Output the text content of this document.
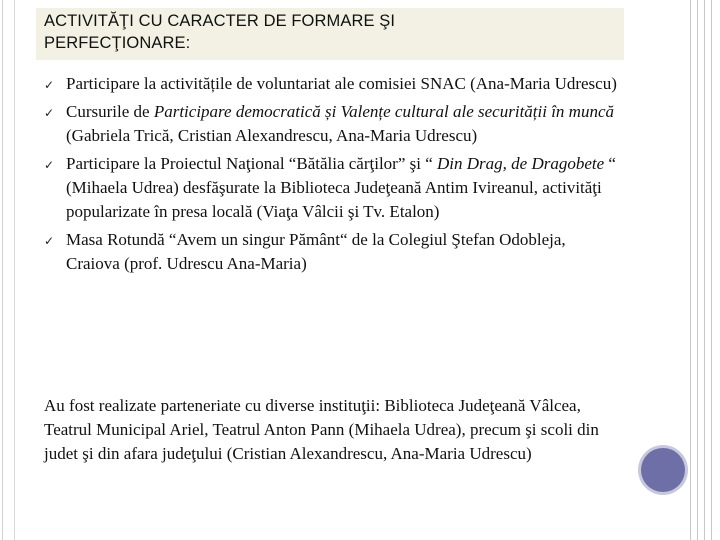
ACTIVITĂŢI CU CARACTER DE FORMARE ŞI
PERFECŢIONARE:
✓ Participare la activitățile de voluntariat ale comisiei SNAC (Ana-Maria Udrescu)
✓ Cursurile de Participare democratică și Valențe cultural ale securității în muncă (Gabriela Trică, Cristian Alexandrescu, Ana-Maria Udrescu)
✓ Participare la Proiectul Naţional “Bătălia cărţilor” şi “ Din Drag, de Dragobete “ (Mihaela Udrea) desfăşurate la Biblioteca Judeţeană Antim Ivireanul, activităţi popularizate în presa locală (Viaţa Vâlcii şi Tv. Etalon)
✓ Masa Rotundă “Avem un singur Pământ“ de la Colegiul Ştefan Odobleja, Craiova (prof. Udrescu Ana-Maria)

Au fost realizate parteneriate cu diverse instituţii: Biblioteca Judeţeană Vâlcea, Teatrul Municipal Ariel, Teatrul Anton Pann (Mihaela Udrea), precum şi scoli din judet şi din afara judeţului (Cristian Alexandrescu, Ana-Maria Udrescu)
